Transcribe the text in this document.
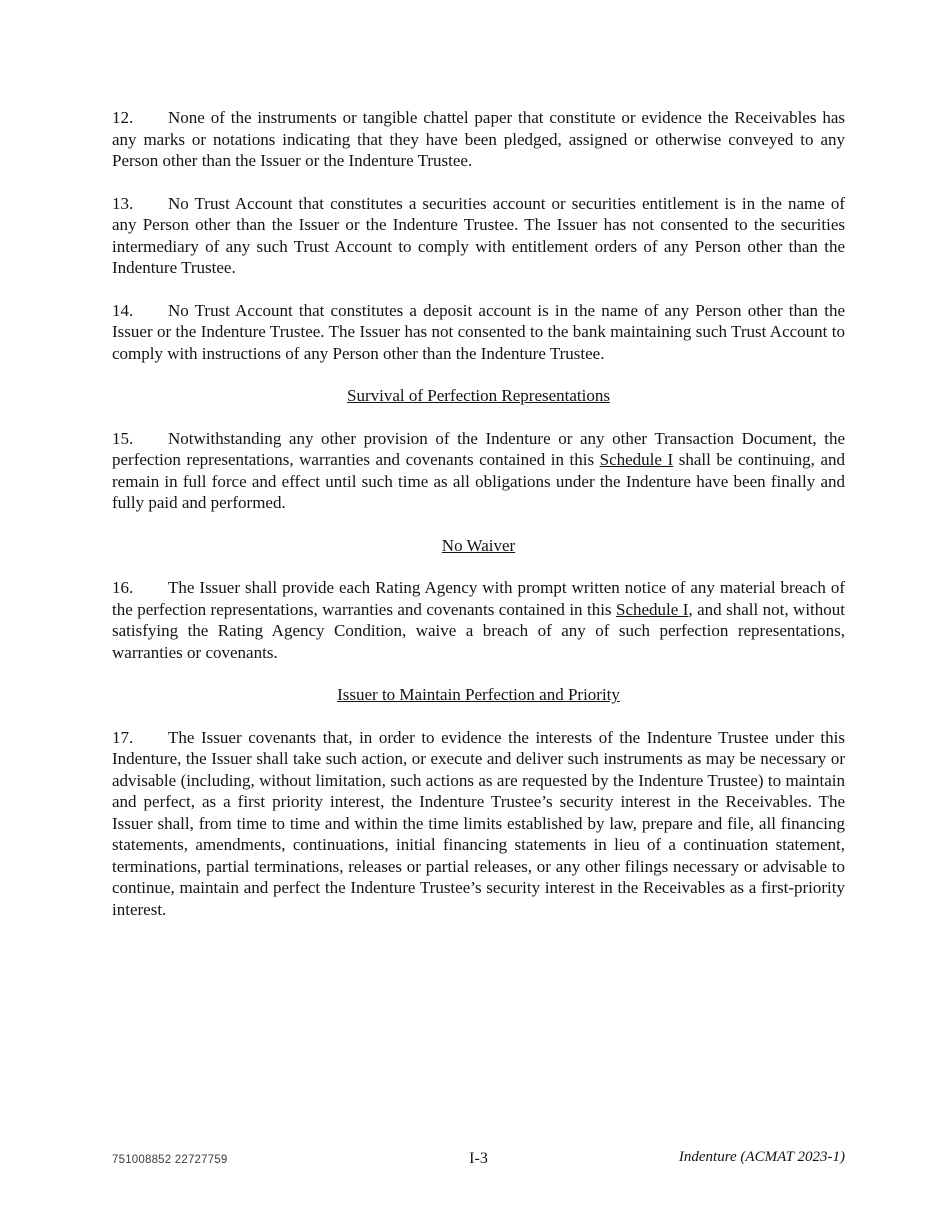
12. None of the instruments or tangible chattel paper that constitute or evidence the Receivables has any marks or notations indicating that they have been pledged, assigned or otherwise conveyed to any Person other than the Issuer or the Indenture Trustee.

13. No Trust Account that constitutes a securities account or securities entitlement is in the name of any Person other than the Issuer or the Indenture Trustee. The Issuer has not consented to the securities intermediary of any such Trust Account to comply with entitlement orders of any Person other than the Indenture Trustee.

14. No Trust Account that constitutes a deposit account is in the name of any Person other than the Issuer or the Indenture Trustee. The Issuer has not consented to the bank maintaining such Trust Account to comply with instructions of any Person other than the Indenture Trustee.

Survival of Perfection Representations

15. Notwithstanding any other provision of the Indenture or any other Transaction Document, the perfection representations, warranties and covenants contained in this Schedule I shall be continuing, and remain in full force and effect until such time as all obligations under the Indenture have been finally and fully paid and performed.

No Waiver

16. The Issuer shall provide each Rating Agency with prompt written notice of any material breach of the perfection representations, warranties and covenants contained in this Schedule I, and shall not, without satisfying the Rating Agency Condition, waive a breach of any of such perfection representations, warranties or covenants.

Issuer to Maintain Perfection and Priority

17. The Issuer covenants that, in order to evidence the interests of the Indenture Trustee under this Indenture, the Issuer shall take such action, or execute and deliver such instruments as may be necessary or advisable (including, without limitation, such actions as are requested by the Indenture Trustee) to maintain and perfect, as a first priority interest, the Indenture Trustee’s security interest in the Receivables. The Issuer shall, from time to time and within the time limits established by law, prepare and file, all financing statements, amendments, continuations, initial financing statements in lieu of a continuation statement, terminations, partial terminations, releases or partial releases, or any other filings necessary or advisable to continue, maintain and perfect the Indenture Trustee’s security interest in the Receivables as a first-priority interest.

751008852 22727759	I-3	Indenture (ACMAT 2023-1)
